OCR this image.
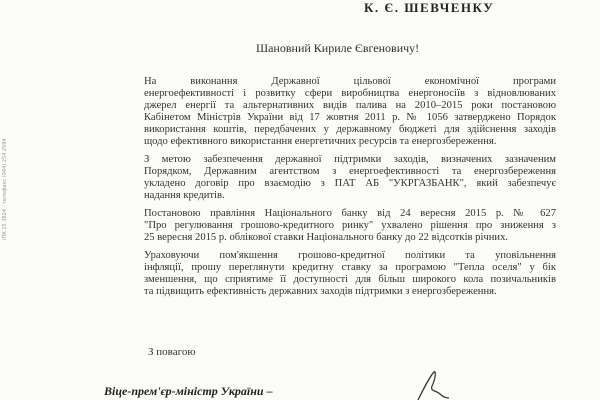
К. Є. ШЕВЧЕНКУ
Шановний Кириле Євгеновичу!
На виконання Державної цільової економічної програми
енергоефективності і розвитку сфери виробництва енергоносіїв з відновлюваних
джерел енергії та альтернативних видів палива на 2010–2015 роки постановою
Кабінетом Міністрів України від 17 жовтня 2011 р. № 1056 затверджено Порядок
використання коштів, передбачених у державному бюджеті для здійснення заходів
щодо ефективного використання енергетичних ресурсів та енергозбереження.
З метою забезпечення державної підтримки заходів, визначених зазначеним
Порядком, Державним агентством з енергоефективності та енергозбереження
укладено договір про взаємодію з ПАТ АБ "УКРГАЗБАНК", який забезпечує
надання кредитів.
Постановою правління Національного банку від 24 вересня 2015 р. № 627
"Про регулювання грошово-кредитного ринку" ухвалено рішення про зниження з
25 вересня 2015 р. облікової ставки Національного банку до 22 відсотків річних.
Ураховуючи пом'якшення грошово-кредитної політики та уповільнення
інфляції, прошу переглянути кредитну ставку за програмою "Тепла оселя" у бік
зменшення, що сприятиме її доступності для більш широкого кола позичальників
та підвищить ефективність державних заходів підтримки з енергозбереження.
З повагою
Віце-прем'єр-міністр України –
ІПК 25 3824 · телефакс (044) 254 2594
